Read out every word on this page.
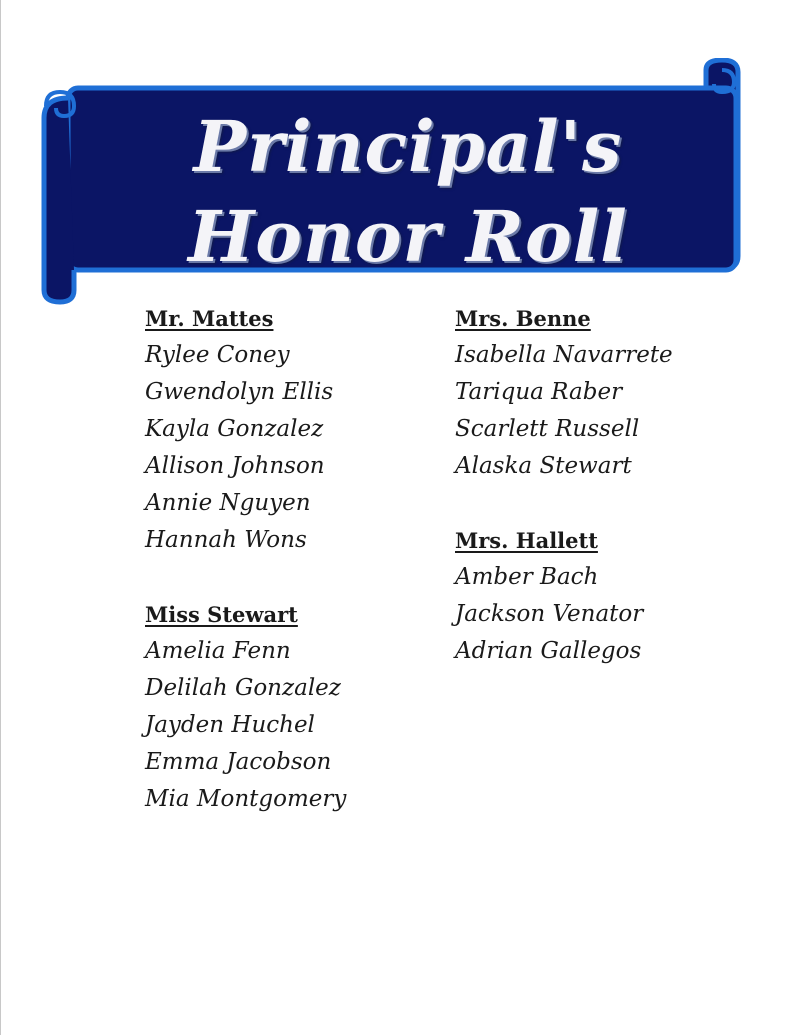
Principal's
Honor Roll

Mr. Mattes

Rylee Coney
Gwendolyn Ellis
Kayla Gonzalez
Allison Johnson
Annie Nguyen
Hannah Wons

Miss Stewart

Amelia Fenn
Delilah Gonzalez
Jayden Huchel
Emma Jacobson
Mia Montgomery

Mrs. Benne

Isabella Navarrete
Tariqua Raber
Scarlett Russell
Alaska Stewart

Mrs. Hallett

Amber Bach
Jackson Venator
Adrian Gallegos
